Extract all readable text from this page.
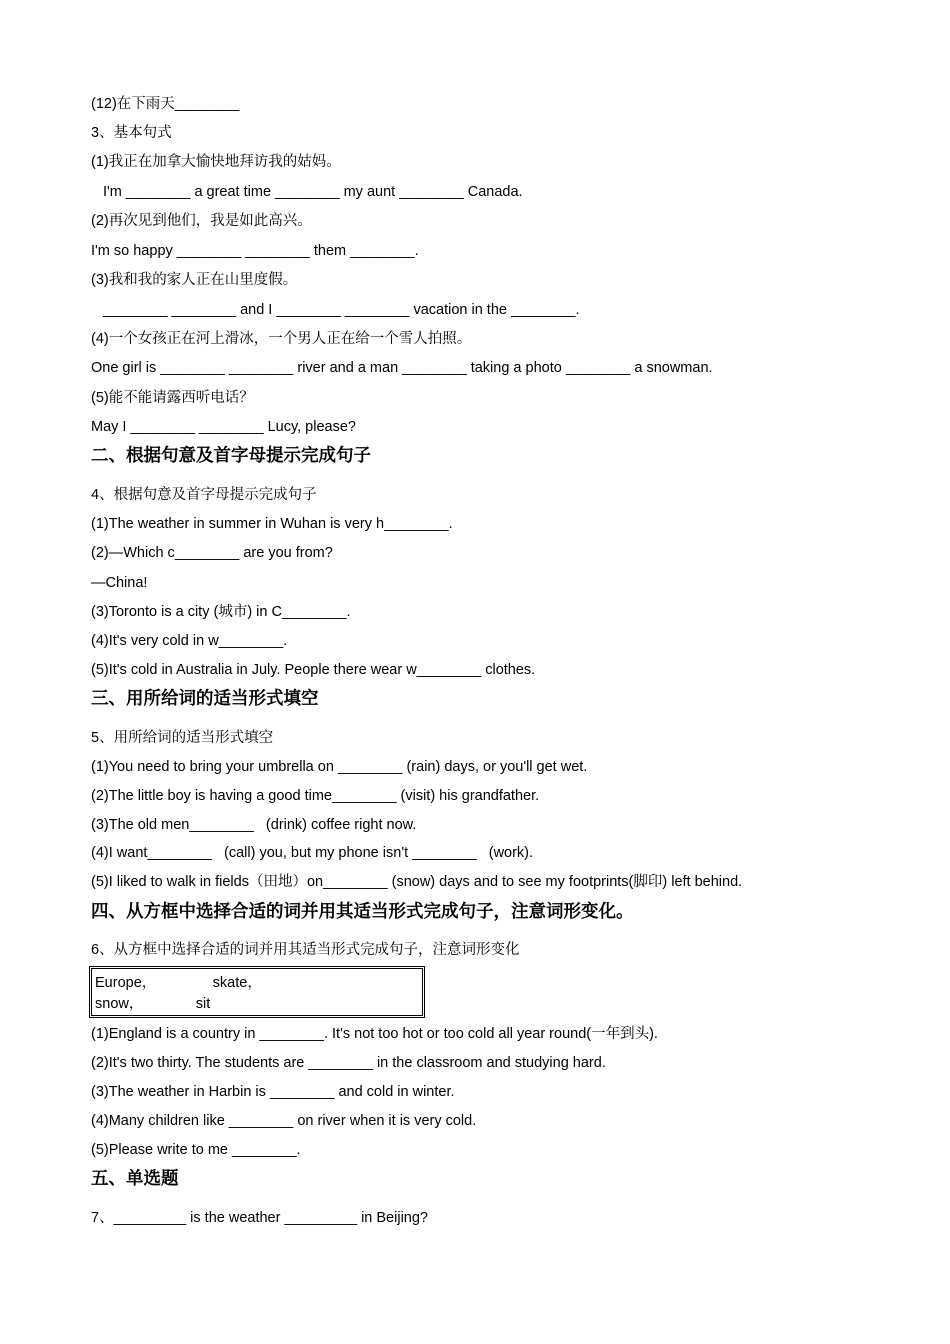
(12)在下雨天________
3、基本句式
(1)我正在加拿大愉快地拜访我的姑妈。
I'm ________ a great time ________ my aunt ________ Canada.
(2)再次见到他们，我是如此高兴。
I'm so happy ________ ________ them ________.
(3)我和我的家人正在山里度假。
________ ________ and I ________ ________ vacation in the ________.
(4)一个女孩正在河上滑冰，一个男人正在给一个雪人拍照。
One girl is ________ ________ river and a man ________ taking a photo ________ a snowman.
(5)能不能请露西听电话？
May I ________ ________ Lucy, please?
二、根据句意及首字母提示完成句子
4、根据句意及首字母提示完成句子
(1)The weather in summer in Wuhan is very h________.
(2)—Which c________ are you from?
—China!
(3)Toronto is a city (城市) in C________.
(4)It's very cold in w________.
(5)It's cold in Australia in July. People there wear w________ clothes.
三、用所给词的适当形式填空
5、用所给词的适当形式填空
(1)You need to bring your umbrella on ________ (rain) days, or you'll get wet.
(2)The little boy is having a good time________ (visit) his grandfather.
(3)The old men________   (drink) coffee right now.
(4)I want________   (call) you, but my phone isn't ________   (work).
(5)I liked to walk in fields（田地）on________ (snow) days and to see my footprints(脚印) left behind.
四、从方框中选择合适的词并用其适当形式完成句子，注意词形变化。
6、从方框中选择合适的词并用其适当形式完成句子，注意词形变化
Europe，              skate，
snow，             sit
(1)England is a country in ________. It's not too hot or too cold all year round(一年到头).
(2)It's two thirty. The students are ________ in the classroom and studying hard.
(3)The weather in Harbin is ________ and cold in winter.
(4)Many children like ________ on river when it is very cold.
(5)Please write to me ________.
五、单选题
7、_________ is the weather _________ in Beijing?
